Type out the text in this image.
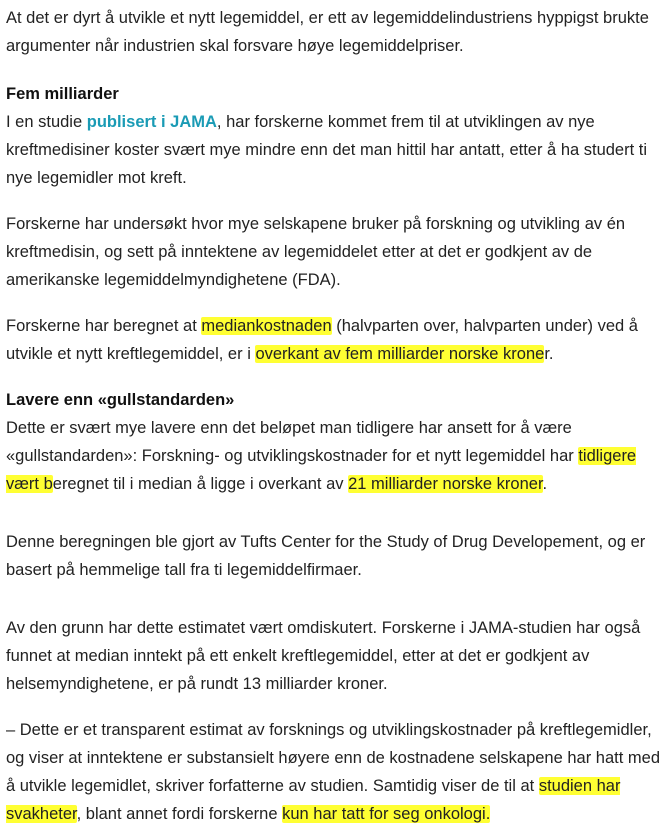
At det er dyrt å utvikle et nytt legemiddel, er ett av legemiddelindustriens hyppigst brukte argumenter når industrien skal forsvare høye legemiddelpriser.

Fem milliarder

I en studie publisert i JAMA, har forskerne kommet frem til at utviklingen av nye kreftmedisiner koster svært mye mindre enn det man hittil har antatt, etter å ha studert ti nye legemidler mot kreft.

Forskerne har undersøkt hvor mye selskapene bruker på forskning og utvikling av én kreftmedisin, og sett på inntektene av legemiddelet etter at det er godkjent av de amerikanske legemiddelmyndighetene (FDA).

Forskerne har beregnet at mediankostnaden (halvparten over, halvparten under) ved å utvikle et nytt kreftlegemiddel, er i overkant av fem milliarder norske kroner.

Lavere enn «gullstandarden»

Dette er svært mye lavere enn det beløpet man tidligere har ansett for å være «gullstandarden»: Forskning- og utviklingskostnader for et nytt legemiddel har tidligere vært beregnet til i median å ligge i overkant av 21 milliarder norske kroner.

Denne beregningen ble gjort av Tufts Center for the Study of Drug Developement, og er basert på hemmelige tall fra ti legemiddelfirmaer.

Av den grunn har dette estimatet vært omdiskutert. Forskerne i JAMA-studien har også funnet at median inntekt på ett enkelt kreftlegemiddel, etter at det er godkjent av helsemyndighetene, er på rundt 13 milliarder kroner.

– Dette er et transparent estimat av forsknings og utviklingskostnader på kreftlegemidler, og viser at inntektene er substansielt høyere enn de kostnadene selskapene har hatt med å utvikle legemidlet, skriver forfatterne av studien. Samtidig viser de til at studien har svakheter, blant annet fordi forskerne kun har tatt for seg onkologi.
